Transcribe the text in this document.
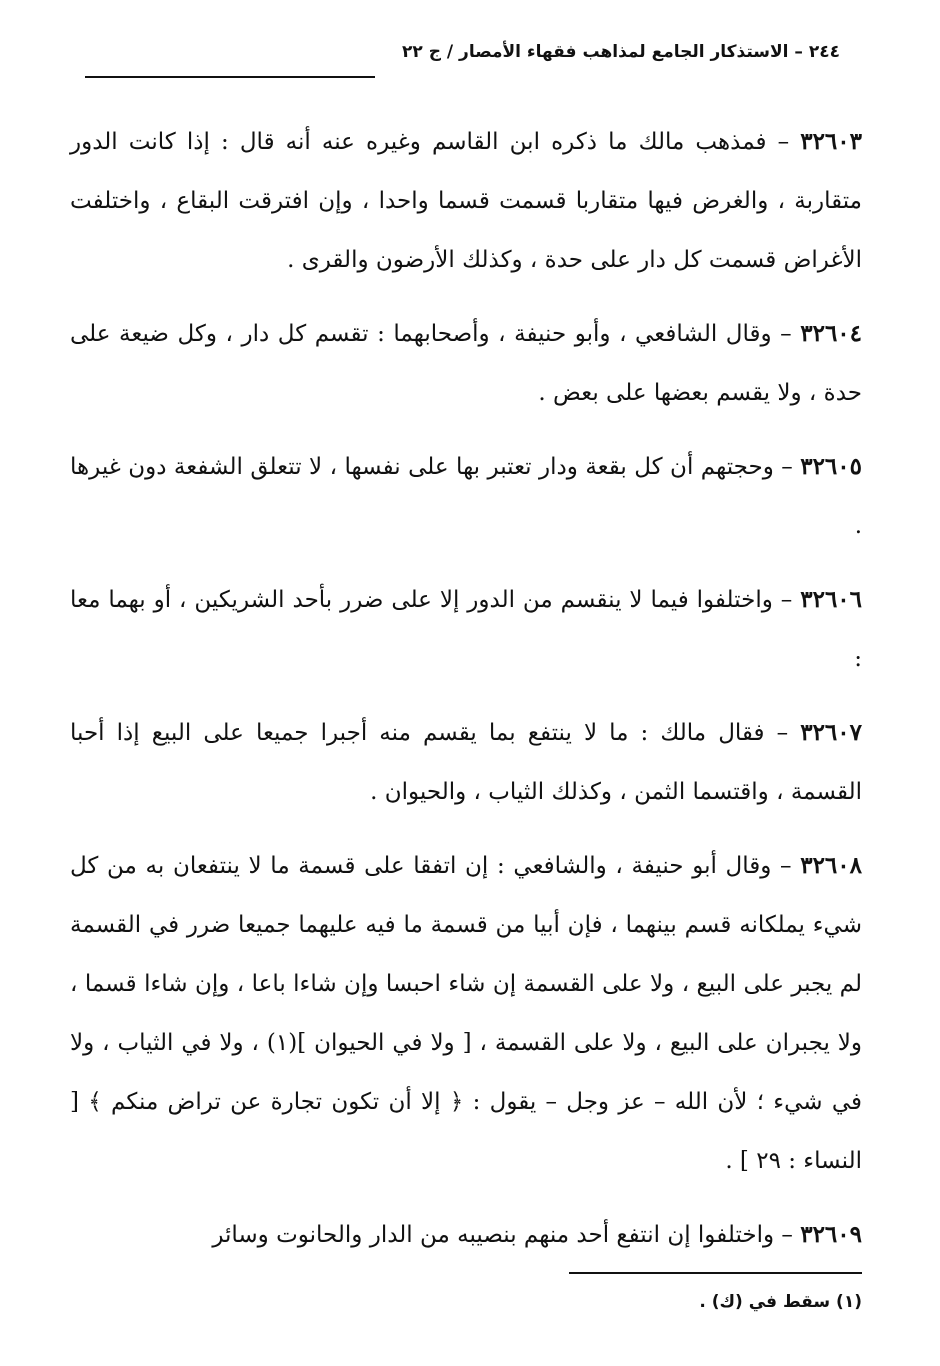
٢٤٤ – الاستذكار الجامع لمذاهب فقهاء الأمصار / ج ٢٢

٣٢٦٠٣ – فمذهب مالك ما ذكره ابن القاسم وغيره عنه أنه قال : إذا كانت الدور متقاربة ، والغرض فيها متقاربا قسمت قسما واحدا ، وإن افترقت البقاع ، واختلفت الأغراض قسمت كل دار على حدة ، وكذلك الأرضون والقرى .

٣٢٦٠٤ – وقال الشافعي ، وأبو حنيفة ، وأصحابهما : تقسم كل دار ، وكل ضيعة على حدة ، ولا يقسم بعضها على بعض .

٣٢٦٠٥ – وحجتهم أن كل بقعة ودار تعتبر بها على نفسها ، لا تتعلق الشفعة دون غيرها .

٣٢٦٠٦ – واختلفوا فيما لا ينقسم من الدور إلا على ضرر بأحد الشريكين ، أو بهما معا :

٣٢٦٠٧ – فقال مالك : ما لا ينتفع بما يقسم منه أجبرا جميعا على البيع إذا أحبا القسمة ، واقتسما الثمن ، وكذلك الثياب ، والحيوان .

٣٢٦٠٨ – وقال أبو حنيفة ، والشافعي : إن اتفقا على قسمة ما لا ينتفعان به من كل شيء يملكانه قسم بينهما ، فإن أبيا من قسمة ما فيه عليهما جميعا ضرر في القسمة لم يجبر على البيع ، ولا على القسمة إن شاء احبسا وإن شاءا باعا ، وإن شاءا قسما ، ولا يجبران على البيع ، ولا على القسمة ، [ ولا في الحيوان ](١) ، ولا في الثياب ، ولا في شيء ؛ لأن الله – عز وجل – يقول : ﴿ إلا أن تكون تجارة عن تراض منكم ﴾ [ النساء : ٢٩ ] .

٣٢٦٠٩ – واختلفوا إن انتفع أحد منهم بنصيبه من الدار والحانوت وسائر

(١) سقط في (ك) .
